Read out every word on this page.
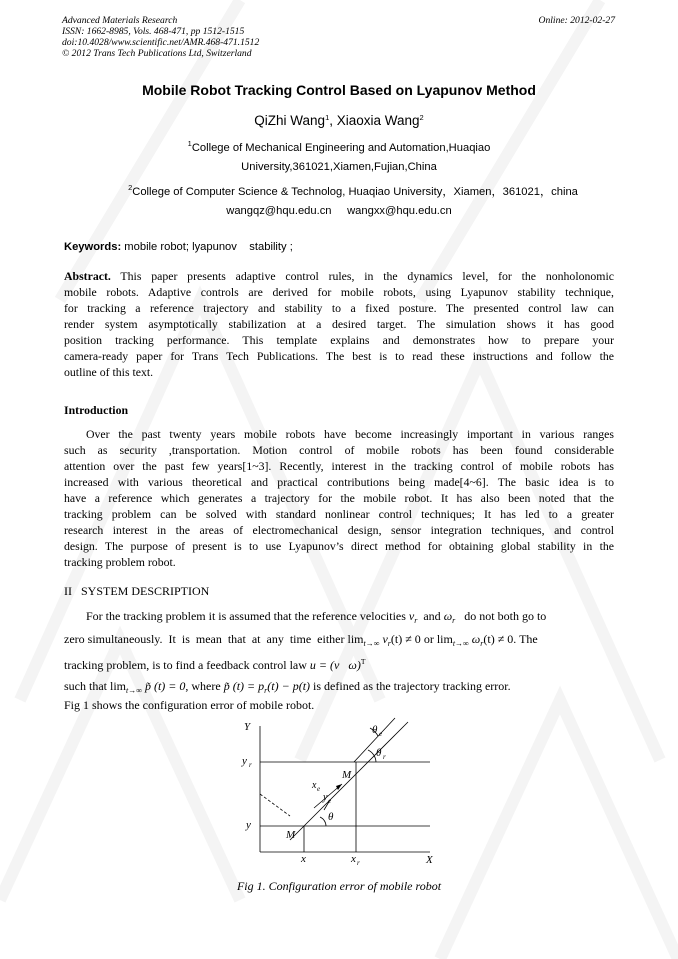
Advanced Materials Research
ISSN: 1662-8985, Vols. 468-471, pp 1512-1515
doi:10.4028/www.scientific.net/AMR.468-471.1512
© 2012 Trans Tech Publications Ltd, Switzerland
Online: 2012-02-27
Mobile Robot Tracking Control Based on Lyapunov Method
QiZhi Wang$^1$, Xiaoxia Wang$^2$
$^1$College of Mechanical Engineering and Automation,Huaqiao
University,361021,Xiamen,Fujian,China
$^2$College of Computer Science & Technolog, Huaqiao University，Xiamen，361021，china
wangqz@hqu.edu.cn     wangxx@hqu.edu.cn
Keywords: mobile robot; lyapunov    stability ;
Abstract. This paper presents adaptive control rules, in the dynamics level, for the nonholonomic
mobile robots. Adaptive controls are derived for mobile robots, using Lyapunov stability technique,
for tracking a reference trajectory and stability to a fixed posture. The presented control law can
render system asymptotically stabilization at a desired target. The simulation shows it has good
position tracking performance. This template explains and demonstrates how to prepare your
camera-ready paper for Trans Tech Publications. The best is to read these instructions and follow the
outline of this text.
Introduction
Over the past twenty years mobile robots have become increasingly important in various ranges
such as security ,transportation. Motion control of mobile robots has been found considerable
attention over the past few years[1~3]. Recently, interest in the tracking control of mobile robots has
increased with various theoretical and practical contributions being made[4~6]. The basic idea is to
have a reference which generates a trajectory for the mobile robot. It has also been noted that the
tracking problem can be solved with standard nonlinear control techniques; It has led to a greater
research interest in the areas of electromechanical design, sensor integration techniques, and control
design. The purpose of present is to use Lyapunov’s direct method for obtaining global stability in the
tracking problem robot.
II   SYSTEM DESCRIPTION
For the tracking problem it is assumed that the reference velocities $v_r$ and $\omega_r$ do not both go to
zero simultaneously.  It  is  mean  that  at  any  time  either $\lim_{t\to\infty} v_r(t) \ne 0$ or $\lim_{t\to\infty} \omega_r(t) \ne 0$. The
tracking problem, is to find a feedback control law u = (v   ω)$^T$
such that $\lim_{t\to\infty}$ p̃ (t) = 0, where p̃ $(t) = p_r(t) - p(t)$ is defined as the trajectory tracking error.
Fig 1 shows the configuration error of mobile robot.
Y
X
y r
y
x	x r
M
M
x e
y e
θ
θ r
θ e
Fig 1. Configuration error of mobile robot
